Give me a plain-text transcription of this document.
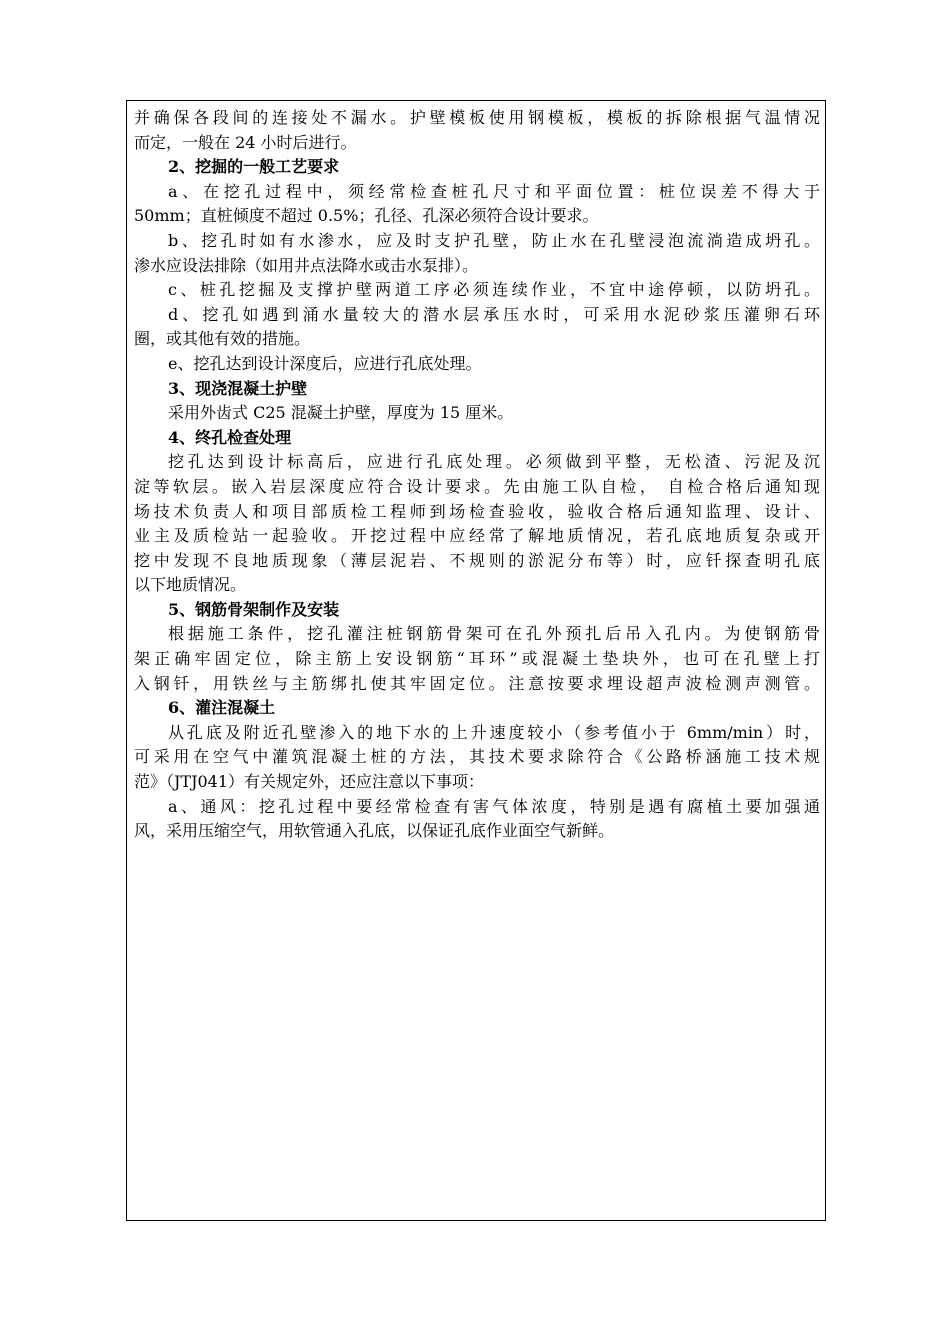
并确保各段间的连接处不漏水。护壁模板使用钢模板，模板的拆除根据气温情况
而定，一般在 24 小时后进行。
2、挖掘的一般工艺要求
a、在挖孔过程中，须经常检查桩孔尺寸和平面位置：桩位误差不得大于
50mm；直桩倾度不超过 0.5%；孔径、孔深必须符合设计要求。
b、挖孔时如有水渗水，应及时支护孔壁，防止水在孔壁浸泡流淌造成坍孔。
渗水应设法排除（如用井点法降水或击水泵排）。
c、桩孔挖掘及支撑护壁两道工序必须连续作业，不宜中途停顿，以防坍孔。
d、挖孔如遇到涌水量较大的潜水层承压水时，可采用水泥砂浆压灌卵石环
圈，或其他有效的措施。
e、挖孔达到设计深度后，应进行孔底处理。
3、现浇混凝土护壁
采用外齿式 C25 混凝土护壁，厚度为 15 厘米。
4、终孔检查处理
挖孔达到设计标高后，应进行孔底处理。必须做到平整，无松渣、污泥及沉
淀等软层。嵌入岩层深度应符合设计要求。先由施工队自检， 自检合格后通知现
场技术负责人和项目部质检工程师到场检查验收，验收合格后通知监理、设计、
业主及质检站一起验收。开挖过程中应经常了解地质情况，若孔底地质复杂或开
挖中发现不良地质现象（薄层泥岩、不规则的淤泥分布等）时，应钎探查明孔底
以下地质情况。
5、钢筋骨架制作及安装
根据施工条件，挖孔灌注桩钢筋骨架可在孔外预扎后吊入孔内。为使钢筋骨
架正确牢固定位，除主筋上安设钢筋“耳环”或混凝土垫块外，也可在孔壁上打
入钢钎，用铁丝与主筋绑扎使其牢固定位。注意按要求埋设超声波检测声测管。
6、灌注混凝土
从孔底及附近孔壁渗入的地下水的上升速度较小（参考值小于 6mm/min）时，
可采用在空气中灌筑混凝土桩的方法，其技术要求除符合《公路桥涵施工技术规
范》（JTJ041）有关规定外，还应注意以下事项：
a、通风：挖孔过程中要经常检查有害气体浓度，特别是遇有腐植土要加强通
风，采用压缩空气，用软管通入孔底，以保证孔底作业面空气新鲜。
